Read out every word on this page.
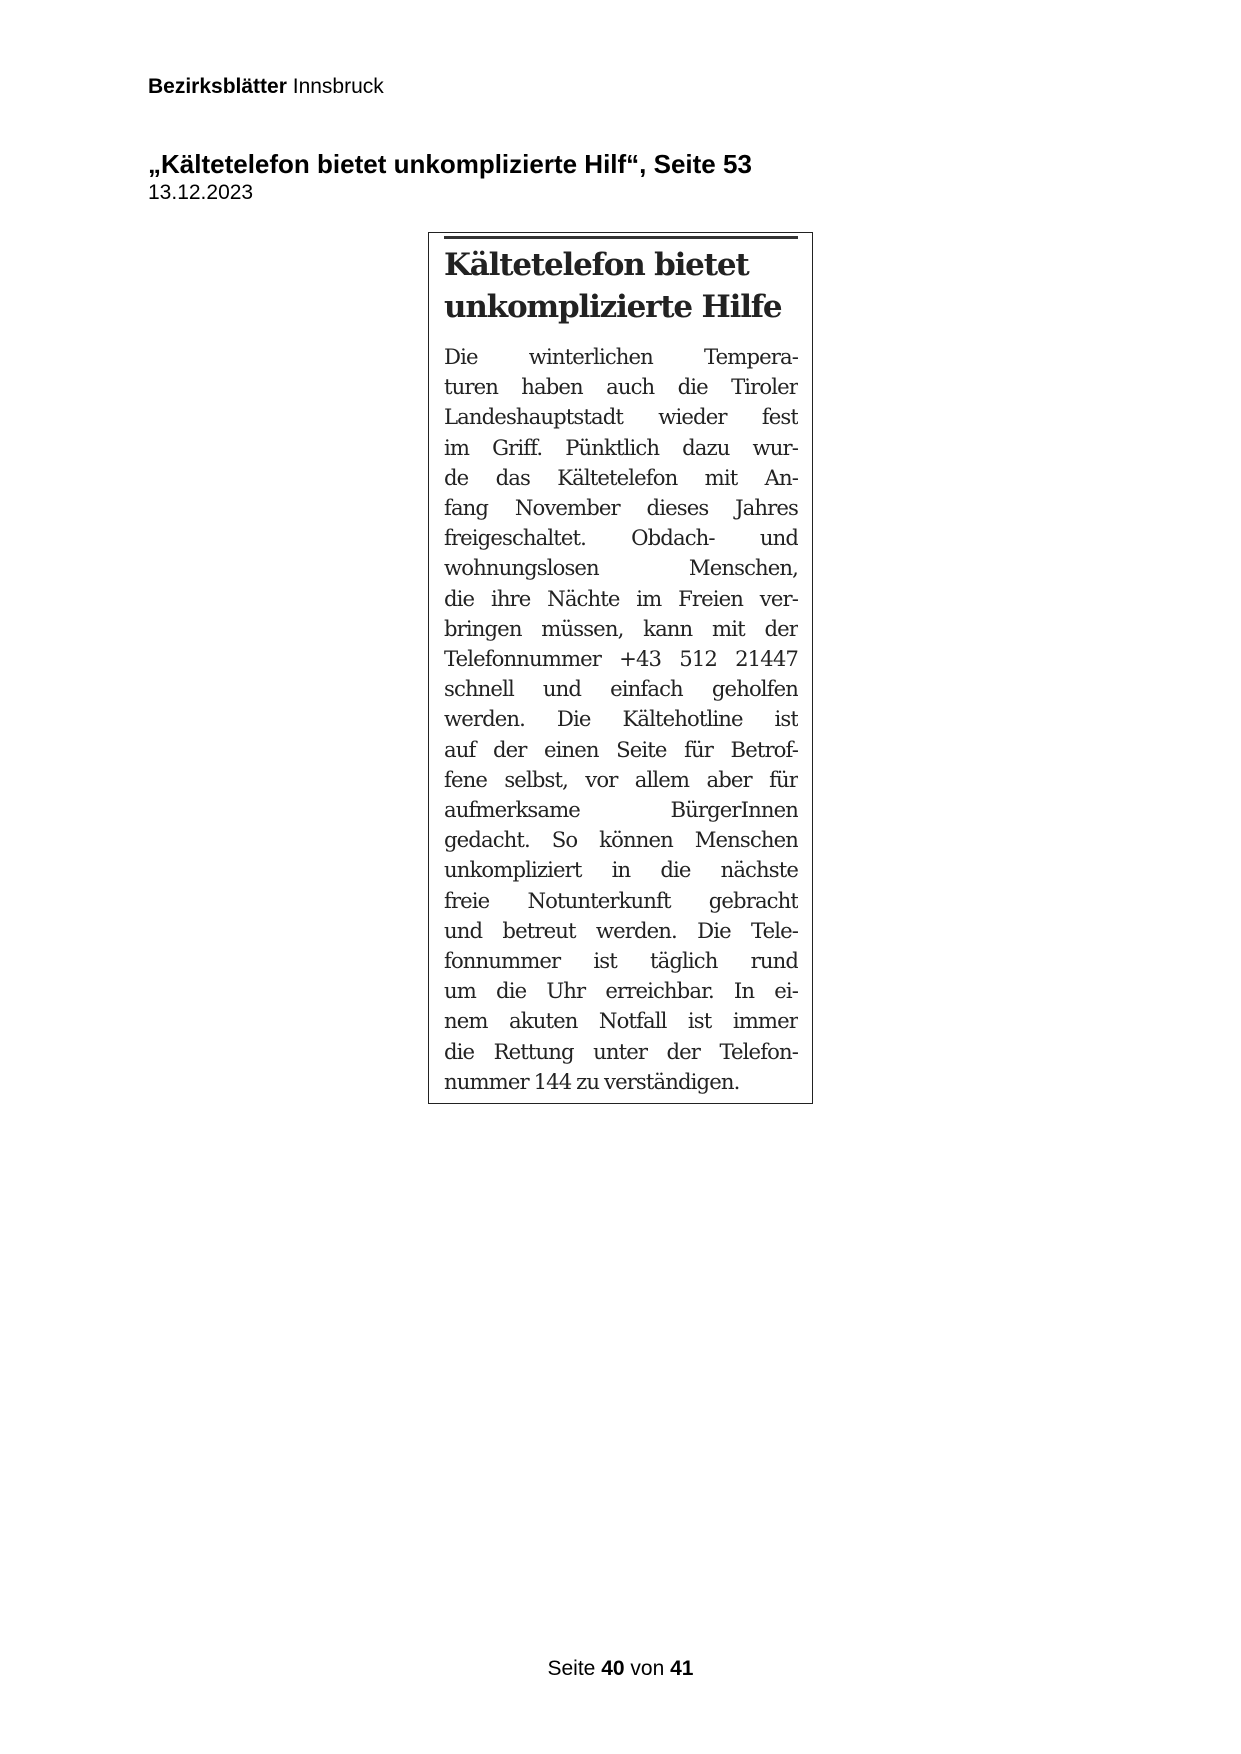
Bezirksblätter Innsbruck
„Kältetelefon bietet unkomplizierte Hilf“, Seite 53
13.12.2023
Kältetelefon bietet
unkomplizierte Hilfe
Die winterlichen Tempera-
turen haben auch die Tiroler
Landeshauptstadt wieder fest
im Griff. Pünktlich dazu wur-
de das Kältetelefon mit An-
fang November dieses Jahres
freigeschaltet. Obdach- und
wohnungslosen Menschen,
die ihre Nächte im Freien ver-
bringen müssen, kann mit der
Telefonnummer +43 512 21447
schnell und einfach geholfen
werden. Die Kältehotline ist
auf der einen Seite für Betrof-
fene selbst, vor allem aber für
aufmerksame BürgerInnen
gedacht. So können Menschen
unkompliziert in die nächste
freie Notunterkunft gebracht
und betreut werden. Die Tele-
fonnummer ist täglich rund
um die Uhr erreichbar. In ei-
nem akuten Notfall ist immer
die Rettung unter der Telefon-
nummer 144 zu verständigen.
Seite 40 von 41
